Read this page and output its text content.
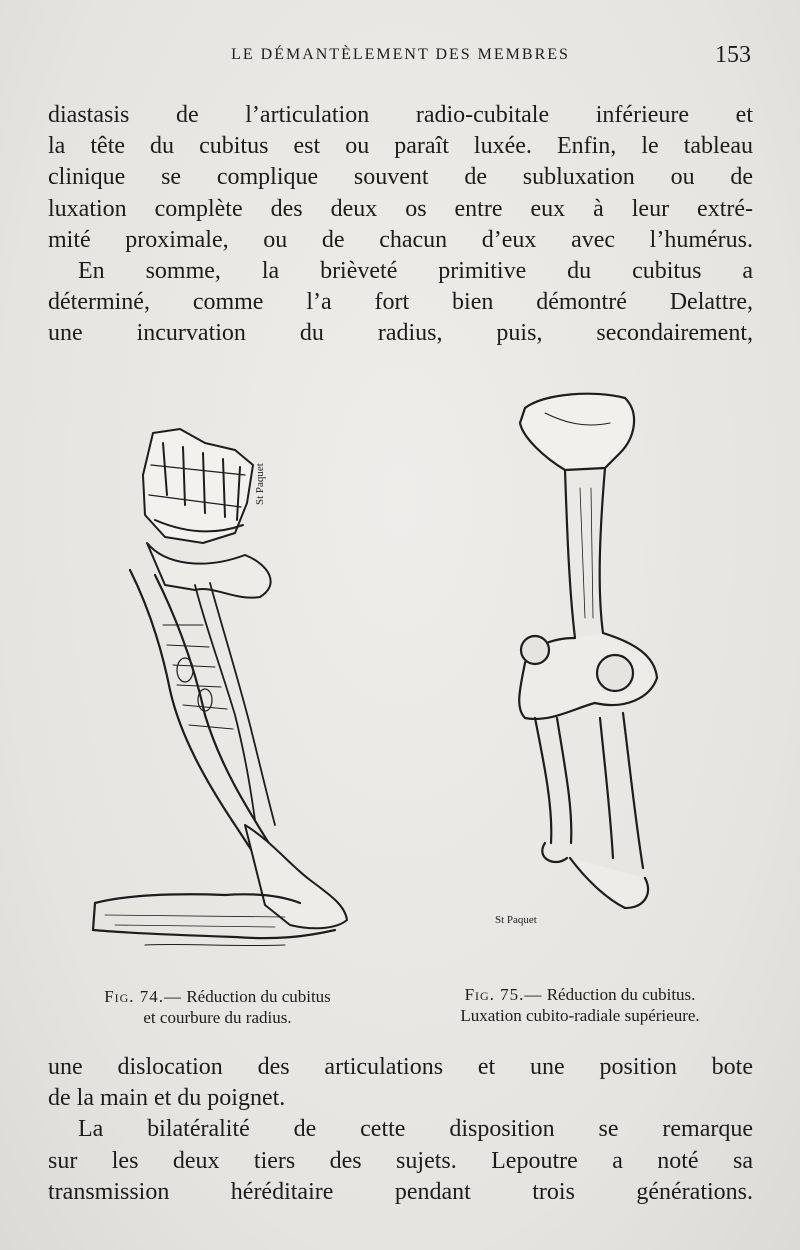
LE DÉMANTÈLEMENT DES MEMBRES	153
diastasis de l’articulation radio-cubitale inférieure et
la tête du cubitus est ou paraît luxée. Enfin, le tableau
clinique se complique souvent de subluxation ou de
luxation complète des deux os entre eux à leur extré-
mité proximale, ou de chacun d’eux avec l’humérus.
En somme, la brièveté primitive du cubitus a
déterminé, comme l’a fort bien démontré Delattre,
une incurvation du radius, puis, secondairement,
St Paquet
St Paquet
Fig. 74.— Réduction du cubitus
et courbure du radius.
Fig. 75.— Réduction du cubitus.
Luxation cubito-radiale supérieure.
une dislocation des articulations et une position bote
de la main et du poignet.
La bilatéralité de cette disposition se remarque
sur les deux tiers des sujets. Lepoutre a noté sa
transmission héréditaire pendant trois générations.
